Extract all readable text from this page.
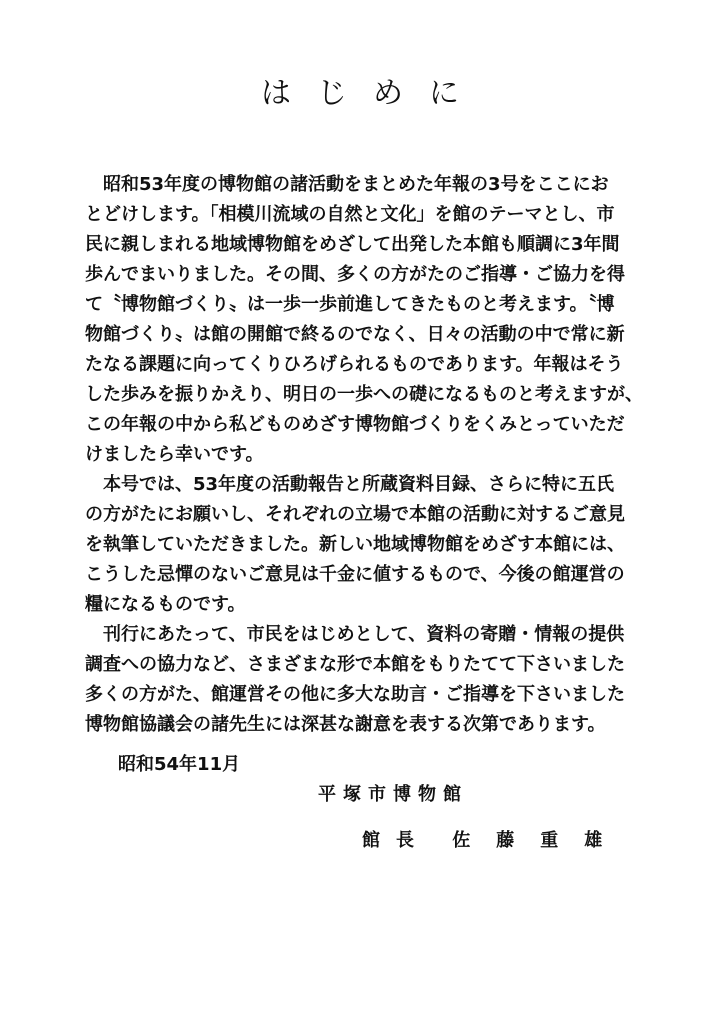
はじめに
　昭和53年度の博物館の諸活動をまとめた年報の3号をここにお
とどけします。「相模川流域の自然と文化」を館のテーマとし、市
民に親しまれる地域博物館をめざして出発した本館も順調に3年間
歩んでまいりました。その間、多くの方がたのご指導・ご協力を得
て〝博物館づくり〟は一歩一歩前進してきたものと考えます。〝博
物館づくり〟は館の開館で終るのでなく、日々の活動の中で常に新
たなる課題に向ってくりひろげられるものであります。年報はそう
した歩みを振りかえり、明日の一歩への礎になるものと考えますが、
この年報の中から私どものめざす博物館づくりをくみとっていただ
けましたら幸いです。
　本号では、53年度の活動報告と所蔵資料目録、さらに特に五氏
の方がたにお願いし、それぞれの立場で本館の活動に対するご意見
を執筆していただきました。新しい地域博物館をめざす本館には、
こうした忌憚のないご意見は千金に値するもので、今後の館運営の
糧になるものです。
　刊行にあたって、市民をはじめとして、資料の寄贈・情報の提供
調査への協力など、さまざまな形で本館をもりたてて下さいました
多くの方がた、館運営その他に多大な助言・ご指導を下さいました
博物館協議会の諸先生には深甚な謝意を表する次第であります。
昭和54年11月
平塚市博物館
館長 佐藤重雄
